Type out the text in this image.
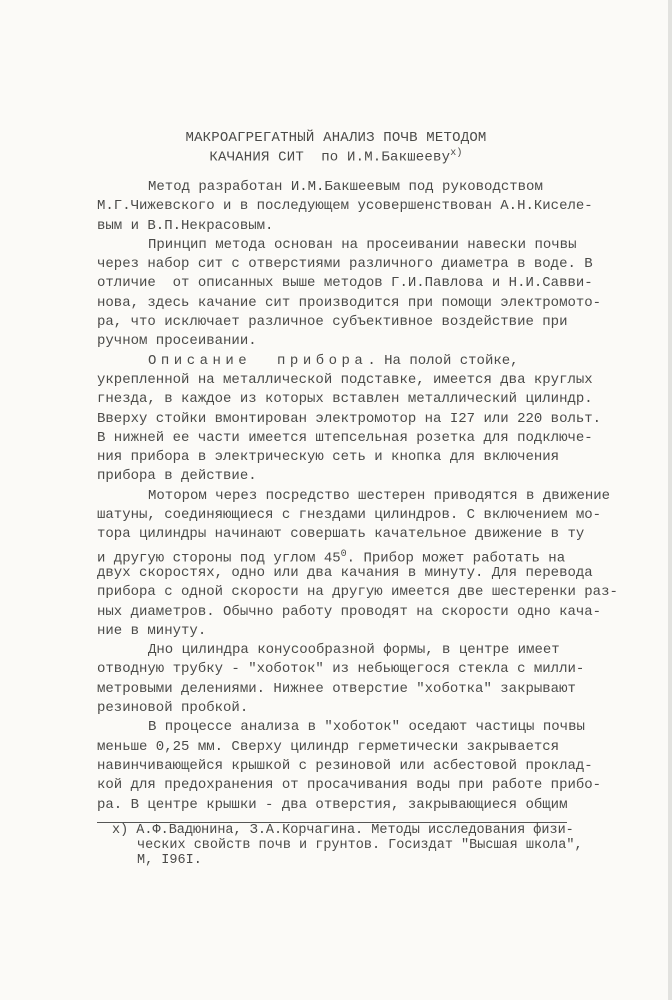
МАКРОАГРЕГАТНЫЙ АНАЛИЗ ПОЧВ МЕТОДОМ
КАЧАНИЯ СИТ  по И.М.Бакшееву$^{x)}$
Метод разработан И.М.Бакшеевым под руководством
М.Г.Чижевского и в последующем усовершенствован А.Н.Киселе-
вым и В.П.Некрасовым.
Принцип метода основан на просеивании навески почвы
через набор сит с отверстиями различного диаметра в воде. В
отличие  от описанных выше методов Г.И.Павлова и Н.И.Савви-
нова, здесь качание сит производится при помощи электромото-
ра, что исключает различное субъективное воздействие при
ручном просеивании.
Описание  прибора. На полой стойке,
укрепленной на металлической подставке, имеется два круглых
гнезда, в каждое из которых вставлен металлический цилиндр.
Вверху стойки вмонтирован электромотор на I27 или 220 вольт.
В нижней ее части имеется штепсельная розетка для подключе-
ния прибора в электрическую сеть и кнопка для включения
прибора в действие.
Мотором через посредство шестерен приводятся в движение
шатуны, соединяющиеся с гнездами цилиндров. С включением мо-
тора цилиндры начинают совершать качательное движение в ту
и другую стороны под углом $45^0$. Прибор может работать на
двух скоростях, одно или два качания в минуту. Для перевода
прибора с одной скорости на другую имеется две шестеренки раз-
ных диаметров. Обычно работу проводят на скорости одно кача-
ние в минуту.
Дно цилиндра конусообразной формы, в центре имеет
отводную трубку - "хоботок" из небьющегося стекла с милли-
метровыми делениями. Нижнее отверстие "хоботка" закрывают
резиновой пробкой.
В процессе анализа в "хоботок" оседают частицы почвы
меньше 0,25 мм. Сверху цилиндр герметически закрывается
навинчивающейся крышкой с резиновой или асбестовой проклад-
кой для предохранения от просачивания воды при работе прибо-
ра. В центре крышки - два отверстия, закрывающиеся общим
x) А.Ф.Вадюнина, З.А.Корчагина. Методы исследования физи-
ческих свойств почв и грунтов. Госиздат "Высшая школа",
М, I96I.
